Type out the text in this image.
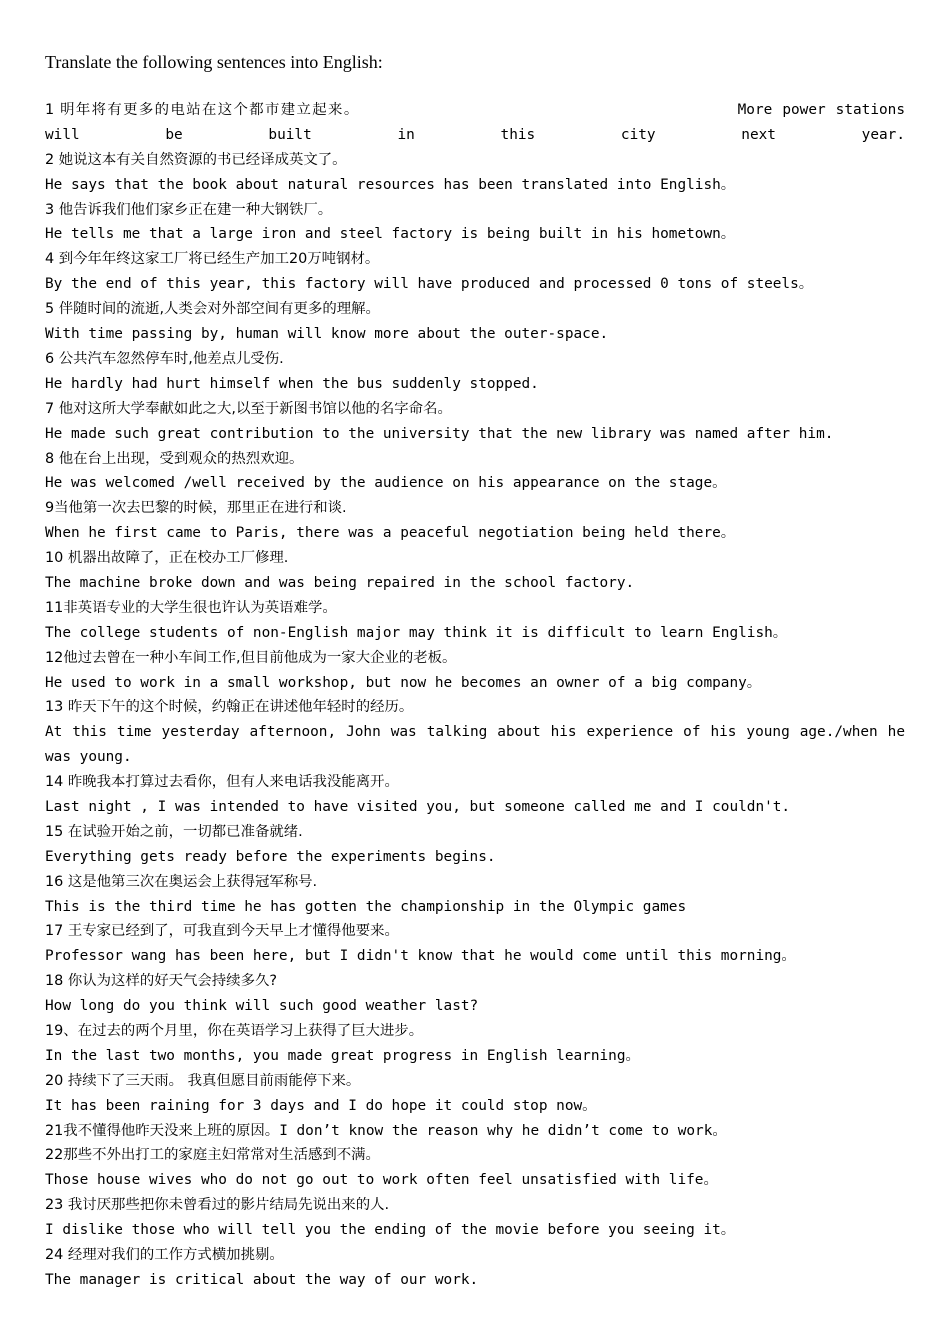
Translate the following sentences into English:
1 明年将有更多的电站在这个都市建立起来。	More power stations will be built in this city next year.
2 她说这本有关自然资源的书已经译成英文了。
He says that the book about natural resources has been translated into English。
3 他告诉我们他们家乡正在建一种大钢铁厂。
He tells me that a large iron and steel factory is being built in his hometown。
4 到今年年终这家工厂将已经生产加工20万吨钢材。
By the end of this year, this factory will have produced and processed 0 tons of steels。
5 伴随时间的流逝,人类会对外部空间有更多的理解。
With time passing by, human will know more about the outer-space.
6 公共汽车忽然停车时,他差点儿受伤.
He hardly had hurt himself when the bus suddenly stopped.
7 他对这所大学奉献如此之大,以至于新图书馆以他的名字命名。
He made such great contribution to the university that the new library was named after him.
8 他在台上出现，受到观众的热烈欢迎。
He was welcomed /well received by the audience on his appearance on the stage。
9当他第一次去巴黎的时候，那里正在进行和谈.
When he first came to Paris, there was a peaceful negotiation being held there。
10 机器出故障了，正在校办工厂修理.
The machine broke down and was being repaired in the school factory.
11非英语专业的大学生很也许认为英语难学。
The college students of non-English major may think it is difficult to learn English。
12他过去曾在一种小车间工作,但目前他成为一家大企业的老板。
He used to work in a small workshop, but now he becomes an owner of a big company。
13 昨天下午的这个时候，约翰正在讲述他年轻时的经历。
At this time yesterday afternoon, John was talking about his experience of his young age./when he was young.
14 昨晚我本打算过去看你，但有人来电话我没能离开。
Last night , I was intended to have visited you, but someone called me and I couldn't.
15 在试验开始之前，一切都已准备就绪.
Everything gets ready before the experiments begins.
16 这是他第三次在奥运会上获得冠军称号.
This is the third time he has gotten the championship in the Olympic games
17 王专家已经到了，可我直到今天早上才懂得他要来。
Professor wang has been here, but I didn't know that he would come until this morning。
18 你认为这样的好天气会持续多久?
How long do you think will such good weather last?
19、在过去的两个月里，你在英语学习上获得了巨大进步。
In the last two months, you made great progress in English learning。
20 持续下了三天雨。 我真但愿目前雨能停下来。
It has been raining for 3 days and I do hope it could stop now。
21我不懂得他昨天没来上班的原因。I don’t know the reason why he didn’t come to work。
22那些不外出打工的家庭主妇常常对生活感到不满。
Those house wives who do not go out to work often feel unsatisfied with life。
23 我讨厌那些把你未曾看过的影片结局先说出来的人.
I dislike those who will tell you the ending of the movie before you seeing it。
24 经理对我们的工作方式横加挑剔。
The manager is critical about the way of our work.
